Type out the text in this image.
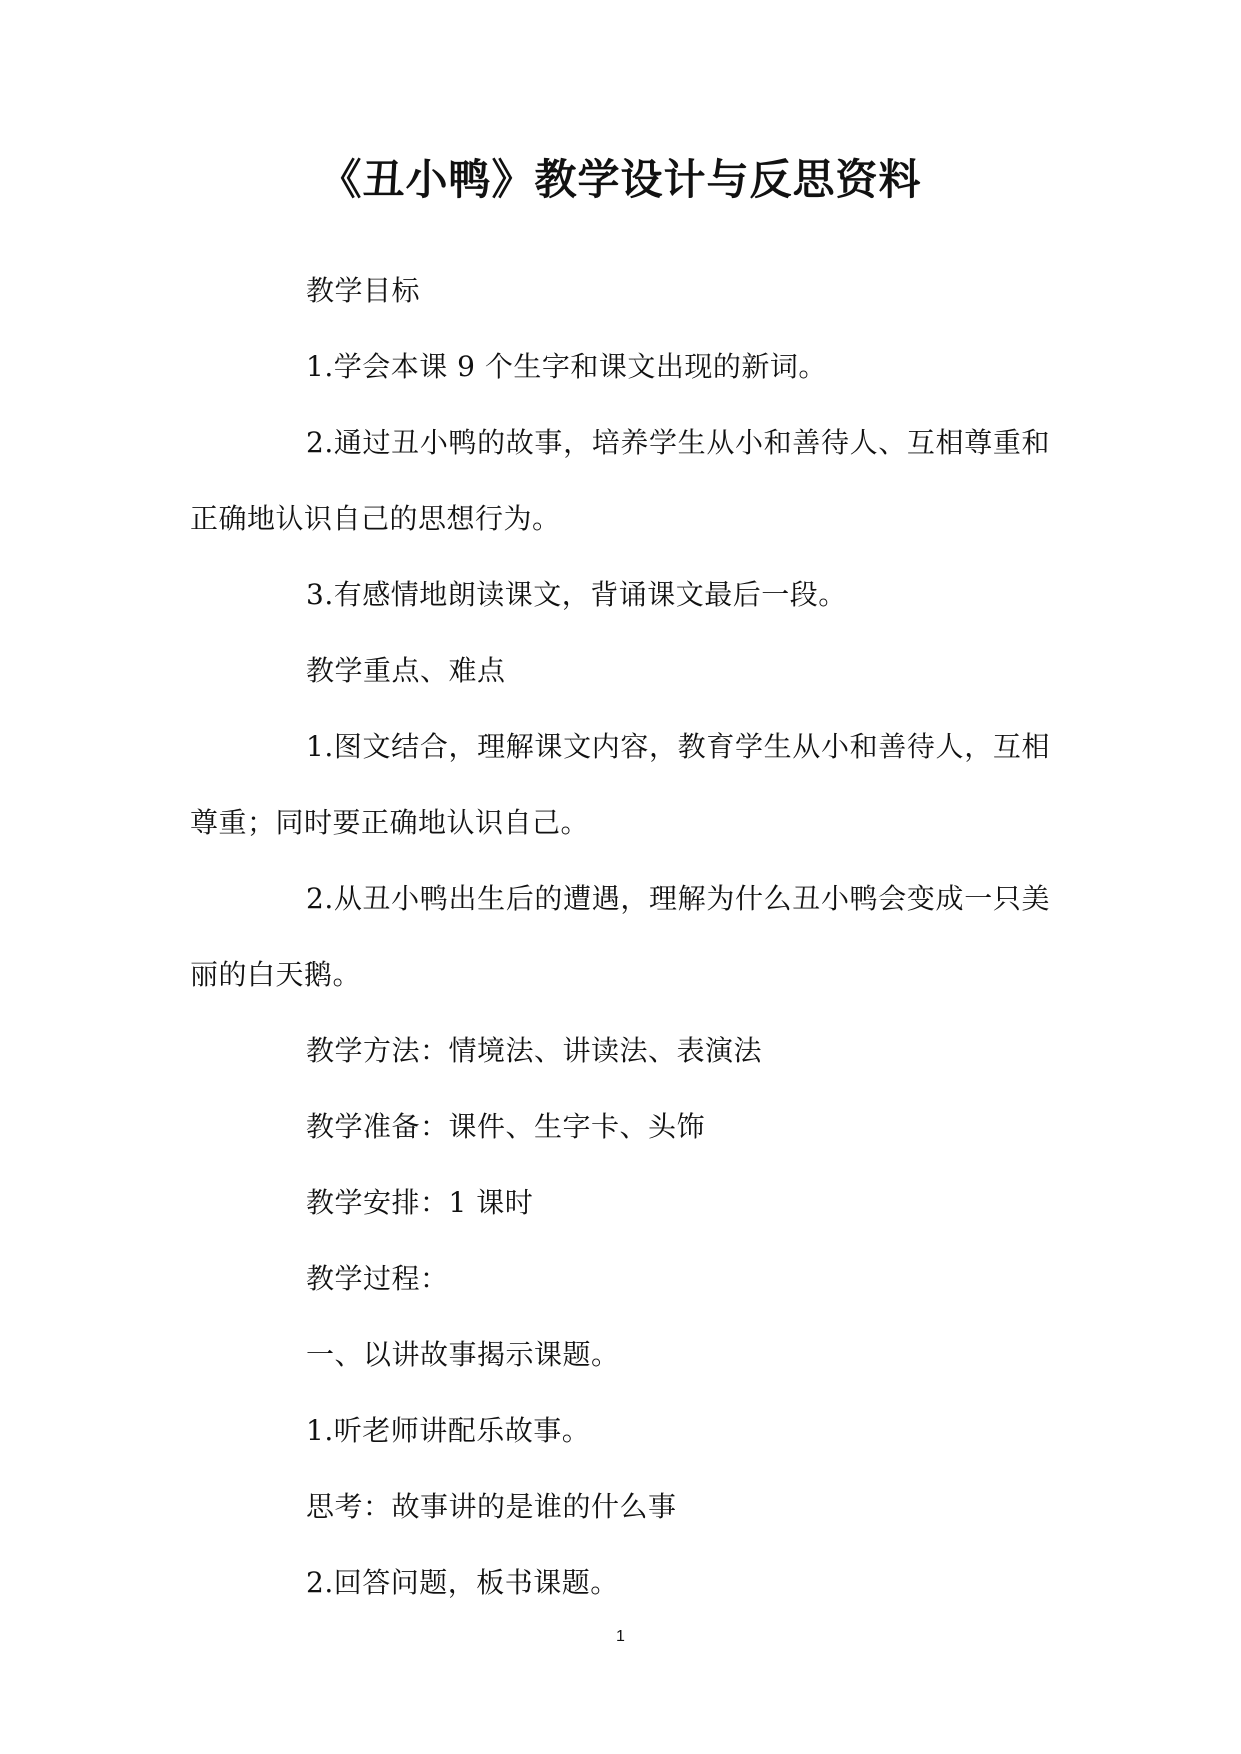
《丑小鸭》教学设计与反思资料

教学目标

1.学会本课 9 个生字和课文出现的新词。

2.通过丑小鸭的故事，培养学生从小和善待人、互相尊重和正确地认识自己的思想行为。

3.有感情地朗读课文，背诵课文最后一段。

教学重点、难点

1.图文结合，理解课文内容，教育学生从小和善待人，互相尊重；同时要正确地认识自己。

2.从丑小鸭出生后的遭遇，理解为什么丑小鸭会变成一只美丽的白天鹅。

教学方法：情境法、讲读法、表演法

教学准备：课件、生字卡、头饰

教学安排：1 课时

教学过程：

一、以讲故事揭示课题。

1.听老师讲配乐故事。

思考：故事讲的是谁的什么事

2.回答问题，板书课题。

1
